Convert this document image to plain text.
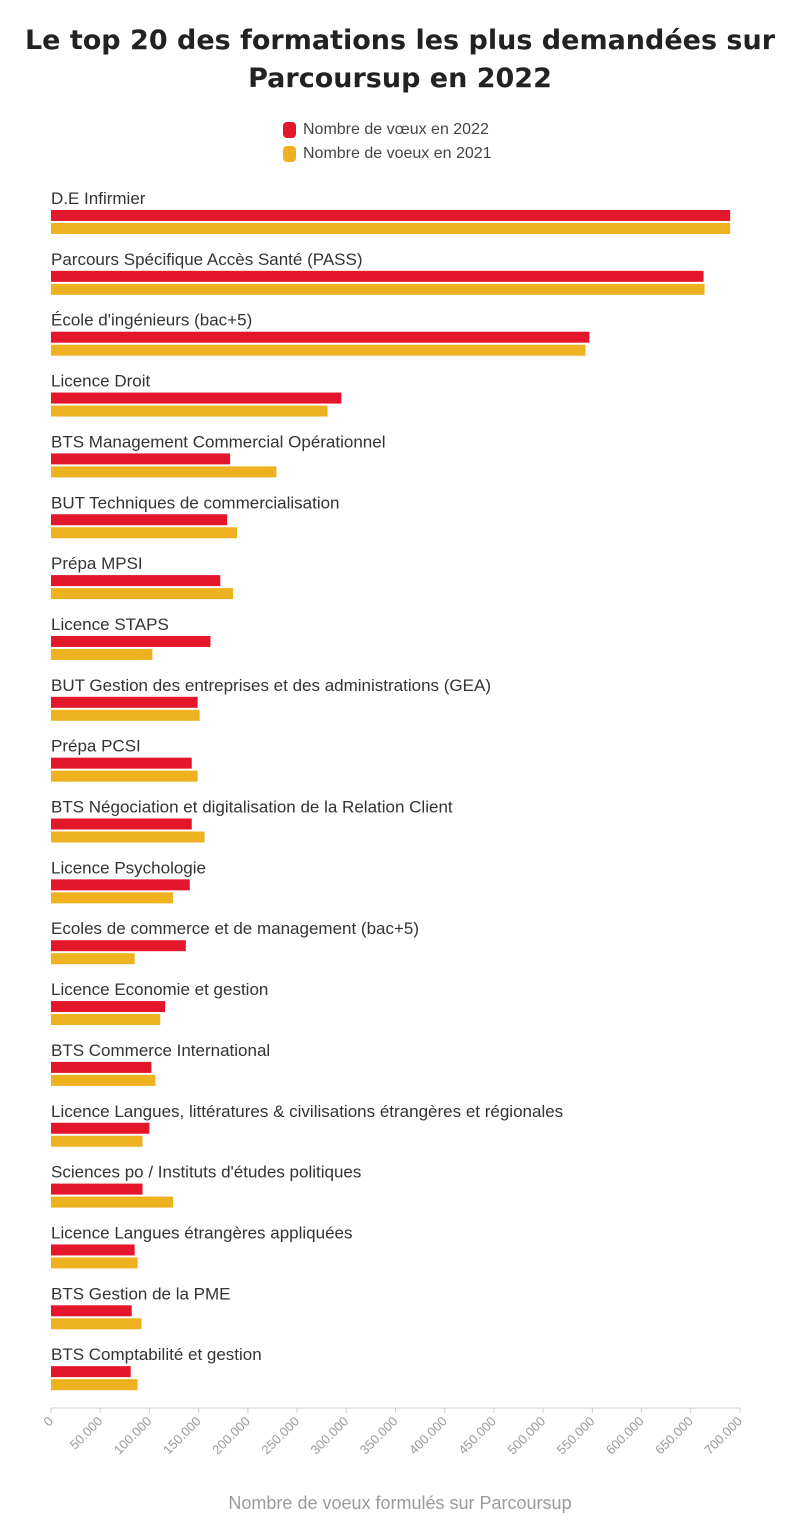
Le top 20 des formations les plus demandées sur Parcoursup en 2022
Nombre de vœux en 2022
Nombre de voeux en 2021
D.E Infirmier
Parcours Spécifique Accès Santé (PASS)
École d'ingénieurs (bac+5)
Licence Droit
BTS Management Commercial Opérationnel
BUT Techniques de commercialisation
Prépa MPSI
Licence STAPS
BUT Gestion des entreprises et des administrations (GEA)
Prépa PCSI
BTS Négociation et digitalisation de la Relation Client
Licence Psychologie
Ecoles de commerce et de management (bac+5)
Licence Economie et gestion
BTS Commerce International
Licence Langues, littératures & civilisations étrangères et régionales
Sciences po / Instituts d'études politiques
Licence Langues étrangères appliquées
BTS Gestion de la PME
BTS Comptabilité et gestion
0 50.000 100.000 150.000 200.000 250.000 300.000 350.000 400.000 450.000 500.000 550.000 600.000 650.000 700.000
Nombre de voeux formulés sur Parcoursup
